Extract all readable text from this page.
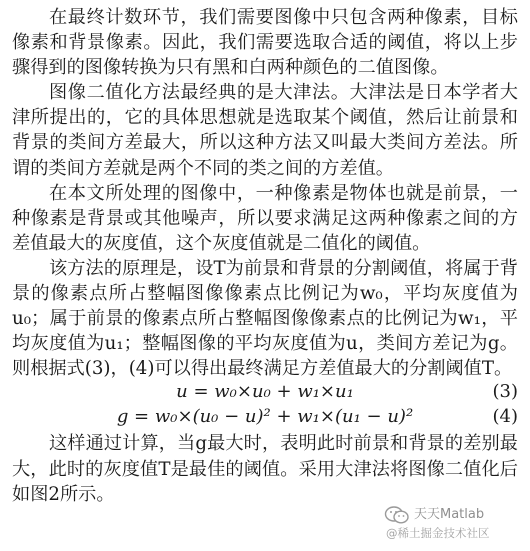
在最终计数环节，我们需要图像中只包含两种像素，目标像素和背景像素。因此，我们需要选取合适的阈值，将以上步骤得到的图像转换为只有黑和白两种颜色的二值图像。

图像二值化方法最经典的是大津法。大津法是日本学者大津所提出的，它的具体思想就是选取某个阈值，然后让前景和背景的类间方差最大，所以这种方法又叫最大类间方差法。所谓的类间方差就是两个不同的类之间的方差值。

在本文所处理的图像中，一种像素是物体也就是前景，一种像素是背景或其他噪声，所以要求满足这两种像素之间的方差值最大的灰度值，这个灰度值就是二值化的阈值。

该方法的原理是，设T为前景和背景的分割阈值，将属于背景的像素点所占整幅图像像素点比例记为w₀，平均灰度值为u₀；属于前景的像素点所占整幅图像像素点的比例记为w₁，平均灰度值为u₁；整幅图像的平均灰度值为u，类间方差记为g。则根据式(3)，(4)可以得出最终满足方差值最大的分割阈值T。

u = w₀×u₀ + w₁×u₁	(3)
g = w₀×(u₀ − u)² + w₁×(u₁ − u)²	(4)

这样通过计算，当g最大时，表明此时前景和背景的差别最大，此时的灰度值T是最佳的阈值。采用大津法将图像二值化后如图2所示。

天天Matlab
@稀土掘金技术社区
